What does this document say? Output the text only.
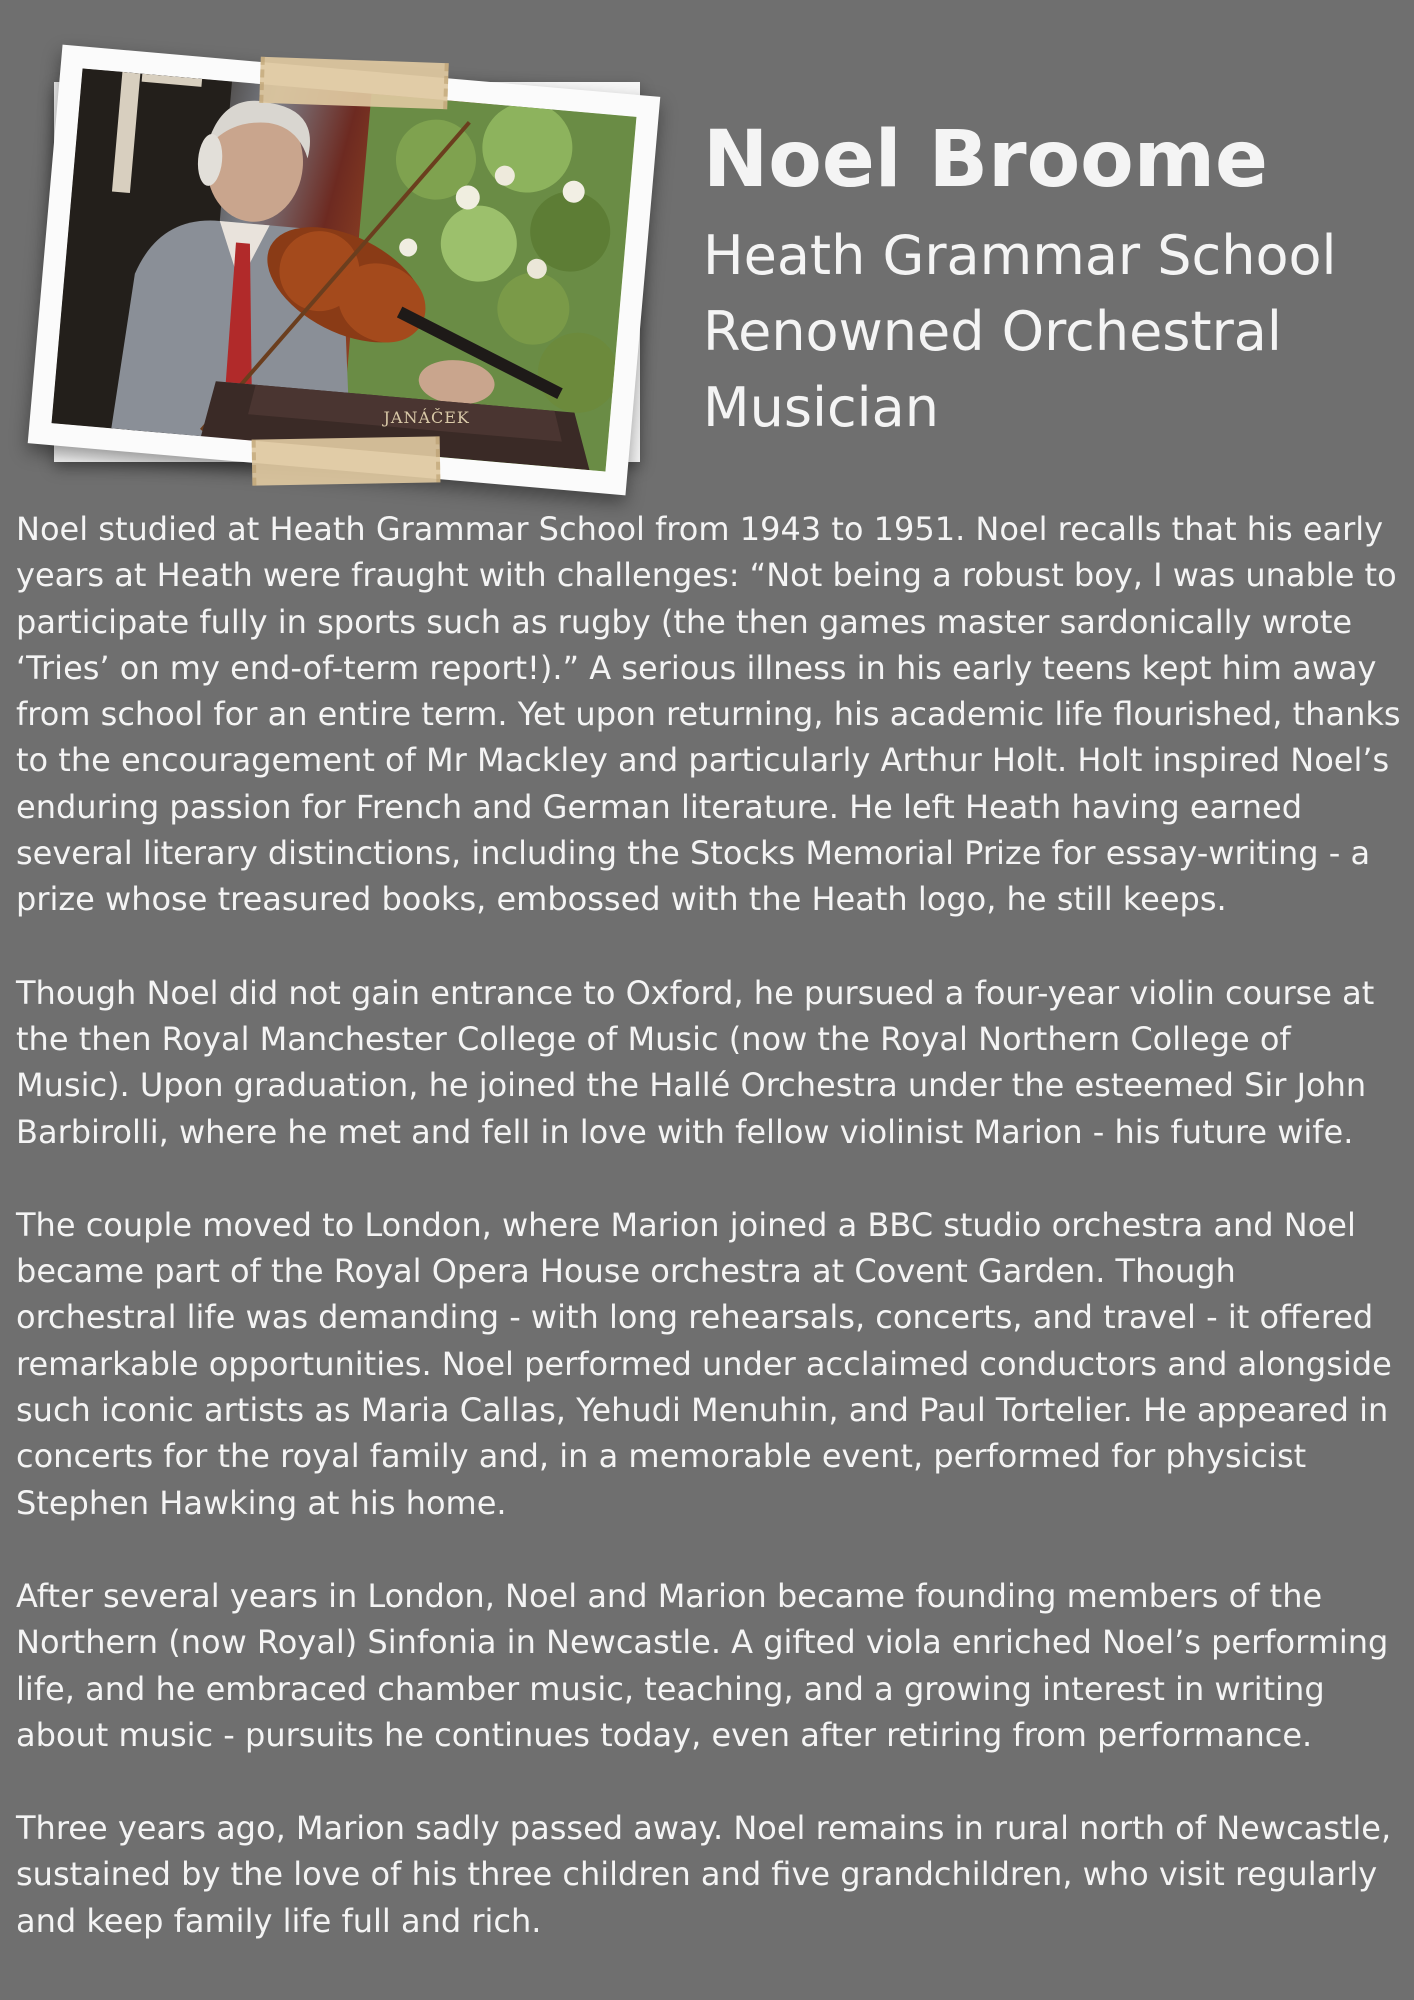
JANÁČEK
Noel Broome
Heath Grammar School
Renowned Orchestral
Musician

Noel studied at Heath Grammar School from 1943 to 1951. Noel recalls that his early years at Heath were fraught with challenges: “Not being a robust boy, I was unable to participate fully in sports such as rugby (the then games master sardonically wrote ‘Tries’ on my end-of-term report!).” A serious illness in his early teens kept him away from school for an entire term. Yet upon returning, his academic life flourished, thanks to the encouragement of Mr Mackley and particularly Arthur Holt. Holt inspired Noel’s enduring passion for French and German literature. He left Heath having earned several literary distinctions, including the Stocks Memorial Prize for essay-writing - a prize whose treasured books, embossed with the Heath logo, he still keeps.

Though Noel did not gain entrance to Oxford, he pursued a four-year violin course at the then Royal Manchester College of Music (now the Royal Northern College of Music). Upon graduation, he joined the Hallé Orchestra under the esteemed Sir John Barbirolli, where he met and fell in love with fellow violinist Marion - his future wife.

The couple moved to London, where Marion joined a BBC studio orchestra and Noel became part of the Royal Opera House orchestra at Covent Garden. Though orchestral life was demanding - with long rehearsals, concerts, and travel - it offered remarkable opportunities. Noel performed under acclaimed conductors and alongside such iconic artists as Maria Callas, Yehudi Menuhin, and Paul Tortelier. He appeared in concerts for the royal family and, in a memorable event, performed for physicist Stephen Hawking at his home.

After several years in London, Noel and Marion became founding members of the Northern (now Royal) Sinfonia in Newcastle. A gifted viola enriched Noel’s performing life, and he embraced chamber music, teaching, and a growing interest in writing about music - pursuits he continues today, even after retiring from performance.

Three years ago, Marion sadly passed away. Noel remains in rural north of Newcastle, sustained by the love of his three children and five grandchildren, who visit regularly and keep family life full and rich.
